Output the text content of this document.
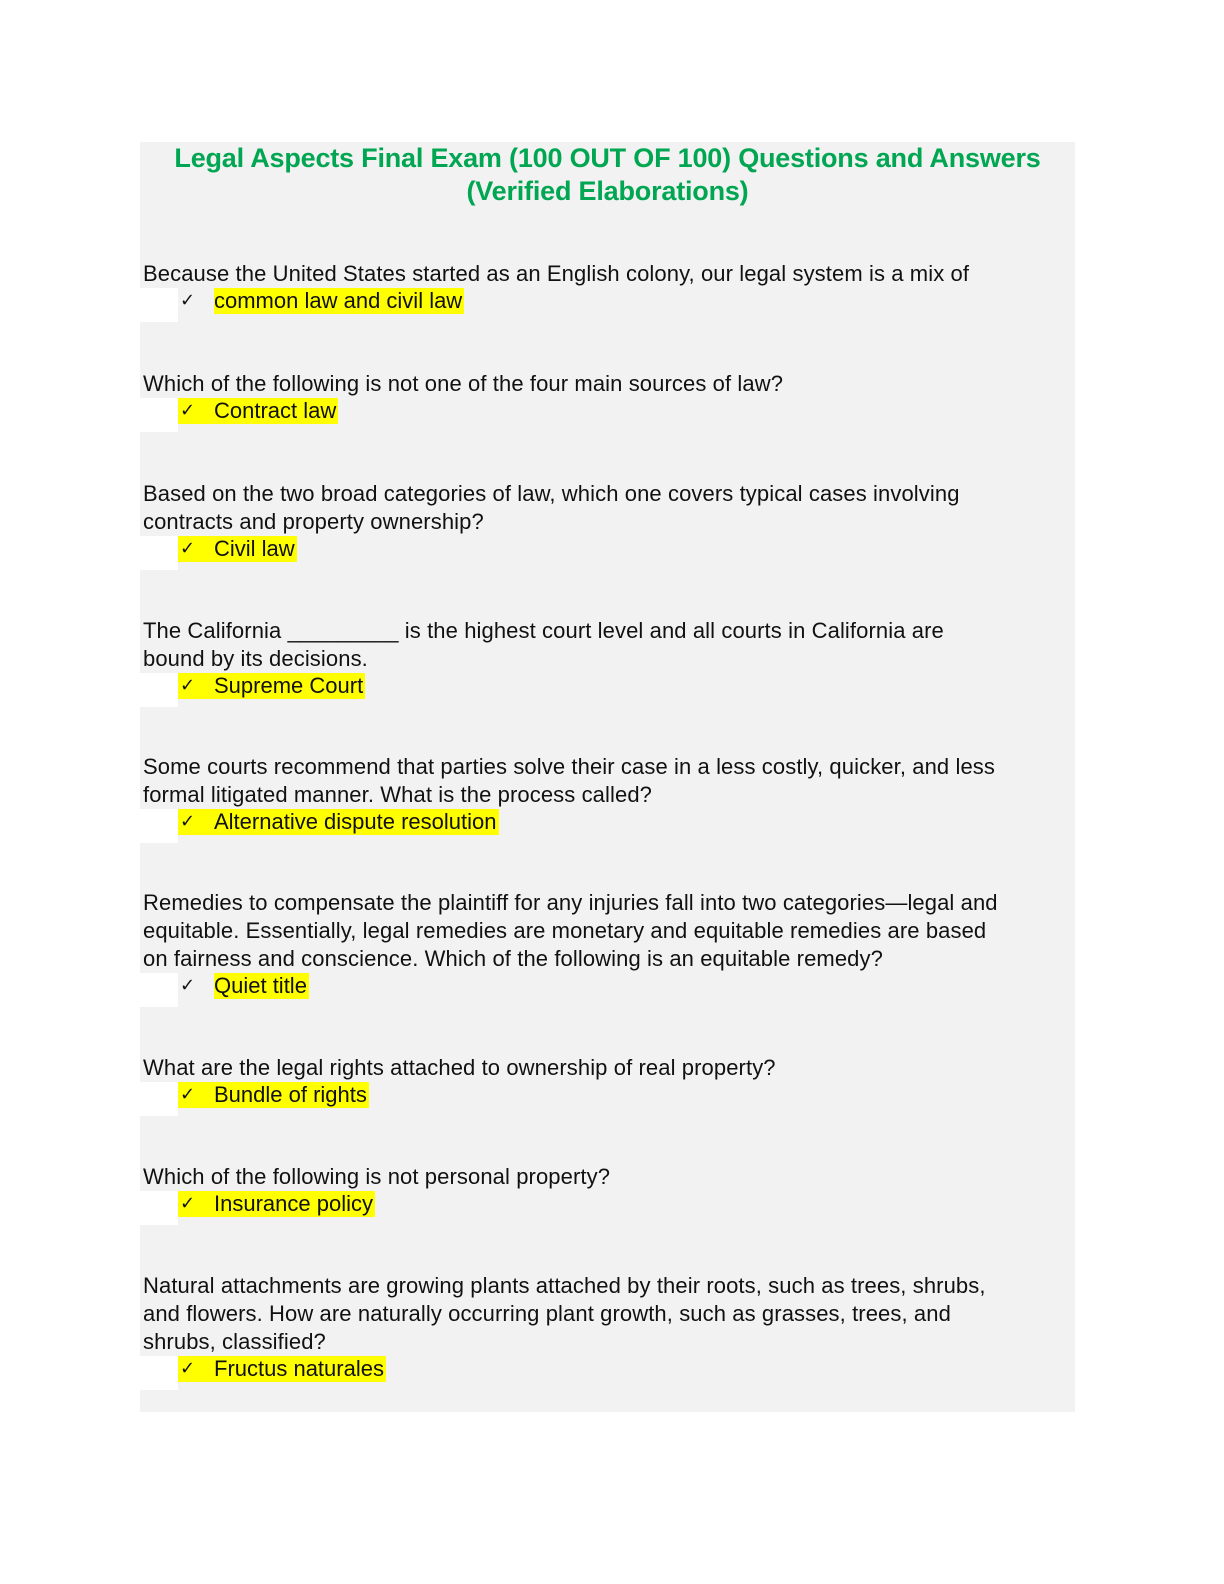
Legal Aspects Final Exam (100 OUT OF 100) Questions and Answers
(Verified Elaborations)
Because the United States started as an English colony, our legal system is a mix of
✓ common law and civil law
Which of the following is not one of the four main sources of law?
✓ Contract law
Based on the two broad categories of law, which one covers typical cases involving
contracts and property ownership?
✓ Civil law
The California _________ is the highest court level and all courts in California are
bound by its decisions.
✓ Supreme Court
Some courts recommend that parties solve their case in a less costly, quicker, and less
formal litigated manner. What is the process called?
✓ Alternative dispute resolution
Remedies to compensate the plaintiff for any injuries fall into two categories—legal and
equitable. Essentially, legal remedies are monetary and equitable remedies are based
on fairness and conscience. Which of the following is an equitable remedy?
✓ Quiet title
What are the legal rights attached to ownership of real property?
✓ Bundle of rights
Which of the following is not personal property?
✓ Insurance policy
Natural attachments are growing plants attached by their roots, such as trees, shrubs,
and flowers. How are naturally occurring plant growth, such as grasses, trees, and
shrubs, classified?
✓ Fructus naturales
